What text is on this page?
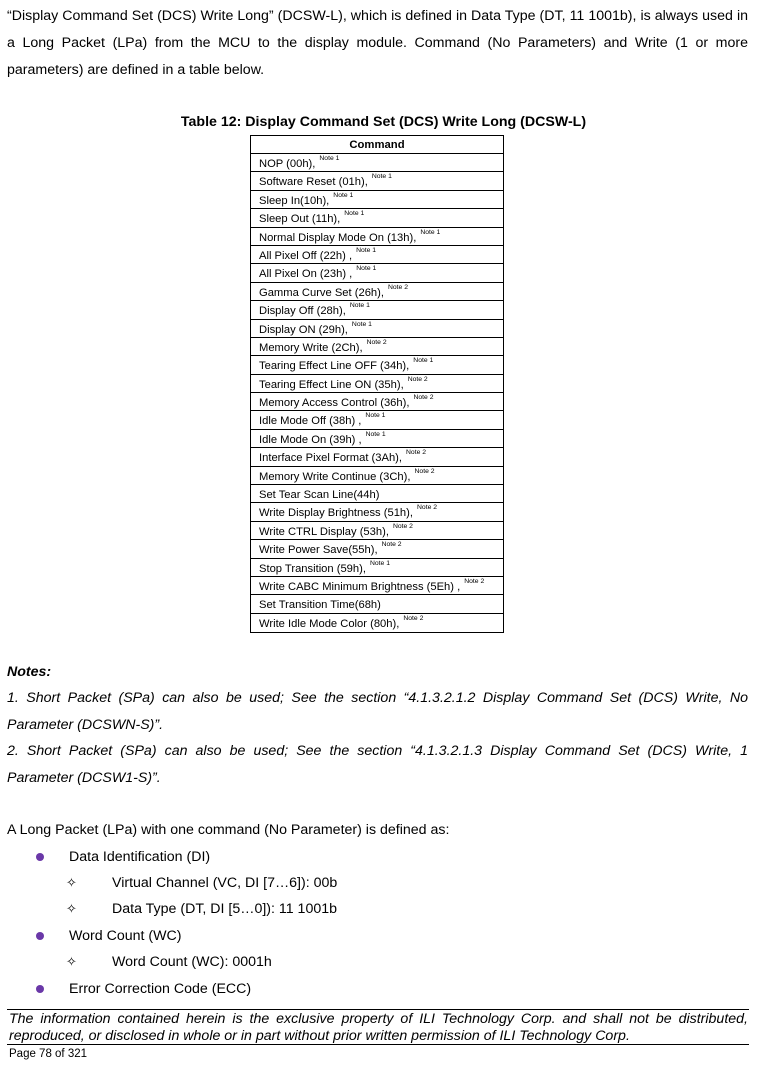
“Display Command Set (DCS) Write Long” (DCSW-L), which is defined in Data Type (DT, 11 1001b), is always used in a Long Packet (LPa) from the MCU to the display module. Command (No Parameters) and Write (1 or more parameters) are defined in a table below.
Table 12: Display Command Set (DCS) Write Long (DCSW-L)
Command
NOP (00h), $^{Note 1}$
Software Reset (01h), $^{Note 1}$
Sleep In(10h), $^{Note 1}$
Sleep Out (11h), $^{Note 1}$
Normal Display Mode On (13h), $^{Note 1}$
All Pixel Off (22h) , $^{Note 1}$
All Pixel On (23h) , $^{Note 1}$
Gamma Curve Set (26h), $^{Note 2}$
Display Off (28h), $^{Note 1}$
Display ON (29h), $^{Note 1}$
Memory Write (2Ch), $^{Note 2}$
Tearing Effect Line OFF (34h), $^{Note 1}$
Tearing Effect Line ON (35h), $^{Note 2}$
Memory Access Control (36h), $^{Note 2}$
Idle Mode Off (38h) , $^{Note 1}$
Idle Mode On (39h) , $^{Note 1}$
Interface Pixel Format (3Ah), $^{Note 2}$
Memory Write Continue (3Ch), $^{Note 2}$
Set Tear Scan Line(44h)
Write Display Brightness (51h), $^{Note 2}$
Write CTRL Display (53h), $^{Note 2}$
Write Power Save(55h), $^{Note 2}$
Stop Transition (59h), $^{Note 1}$
Write CABC Minimum Brightness (5Eh) , $^{Note 2}$
Set Transition Time(68h)
Write Idle Mode Color (80h), $^{Note 2}$
Notes:
1. Short Packet (SPa) can also be used; See the section “4.1.3.2.1.2 Display Command Set (DCS) Write, No Parameter (DCSWN-S)”.
2. Short Packet (SPa) can also be used; See the section “4.1.3.2.1.3 Display Command Set (DCS) Write, 1 Parameter (DCSW1-S)”.
A Long Packet (LPa) with one command (No Parameter) is defined as:
Data Identification (DI)
✧ Virtual Channel (VC, DI [7…6]): 00b
✧ Data Type (DT, DI [5…0]): 11 1001b
Word Count (WC)
✧ Word Count (WC): 0001h
Error Correction Code (ECC)
The information contained herein is the exclusive property of ILI Technology Corp. and shall not be distributed, reproduced, or disclosed in whole or in part without prior written permission of ILI Technology Corp.
Page 78 of 321
